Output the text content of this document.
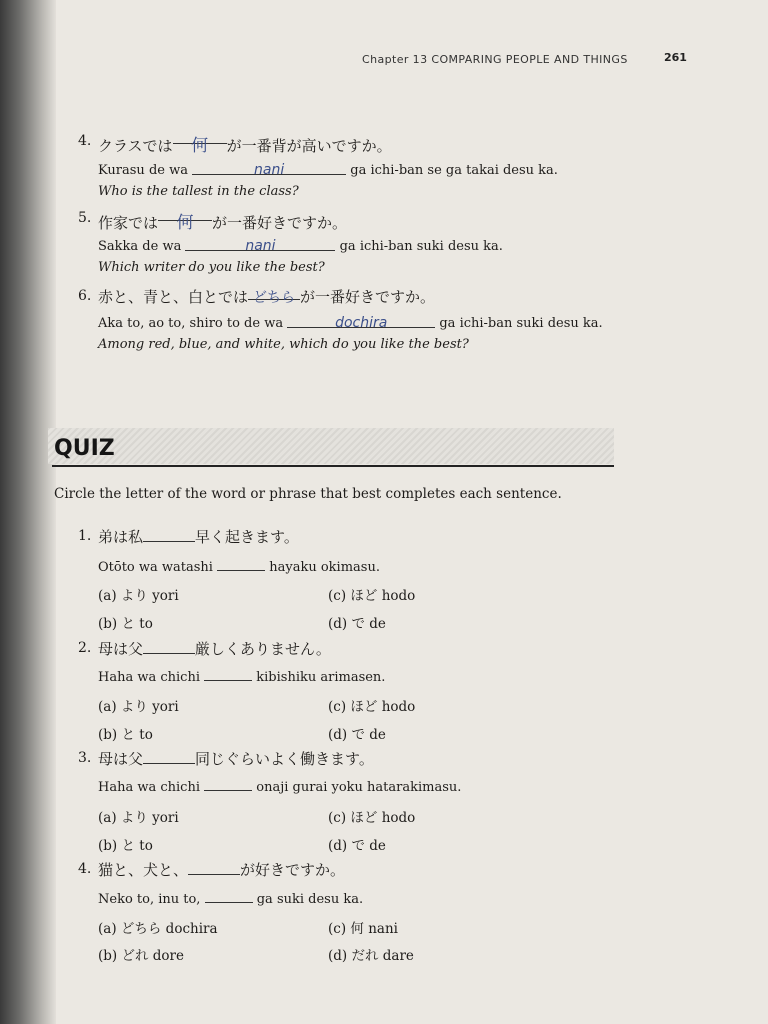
Chapter 13 COMPARING PEOPLE AND THINGS	261
4. クラスでは 何 が一番背が高いですか。
Kurasu de wa	nani	ga ichi-ban se ga takai desu ka.
Who is the tallest in the class?
5. 作家では 何 が一番好きですか。
Sakka de wa	nani	ga ichi-ban suki desu ka.
Which writer do you like the best?
6. 赤と、青と、白とでは どちら が一番好きですか。
Aka to, ao to, shiro to de wa	dochira	ga ichi-ban suki desu ka.
Among red, blue, and white, which do you like the best?
QUIZ
Circle the letter of the word or phrase that best completes each sentence.
1. 弟は私	早く起きます。
Otōto wa watashi	hayaku okimasu.
(a) より yori	(c) ほど hodo
(b) と to	(d) で de
2. 母は父	厳しくありません。
Haha wa chichi	kibishiku arimasen.
(a) より yori	(c) ほど hodo
(b) と to	(d) で de
3. 母は父	同じぐらいよく働きます。
Haha wa chichi	onaji gurai yoku hatarakimasu.
(a) より yori	(c) ほど hodo
(b) と to	(d) で de
4. 猫と、犬と、	が好きですか。
Neko to, inu to,	ga suki desu ka.
(a) どちら dochira	(c) 何 nani
(b) どれ dore	(d) だれ dare
